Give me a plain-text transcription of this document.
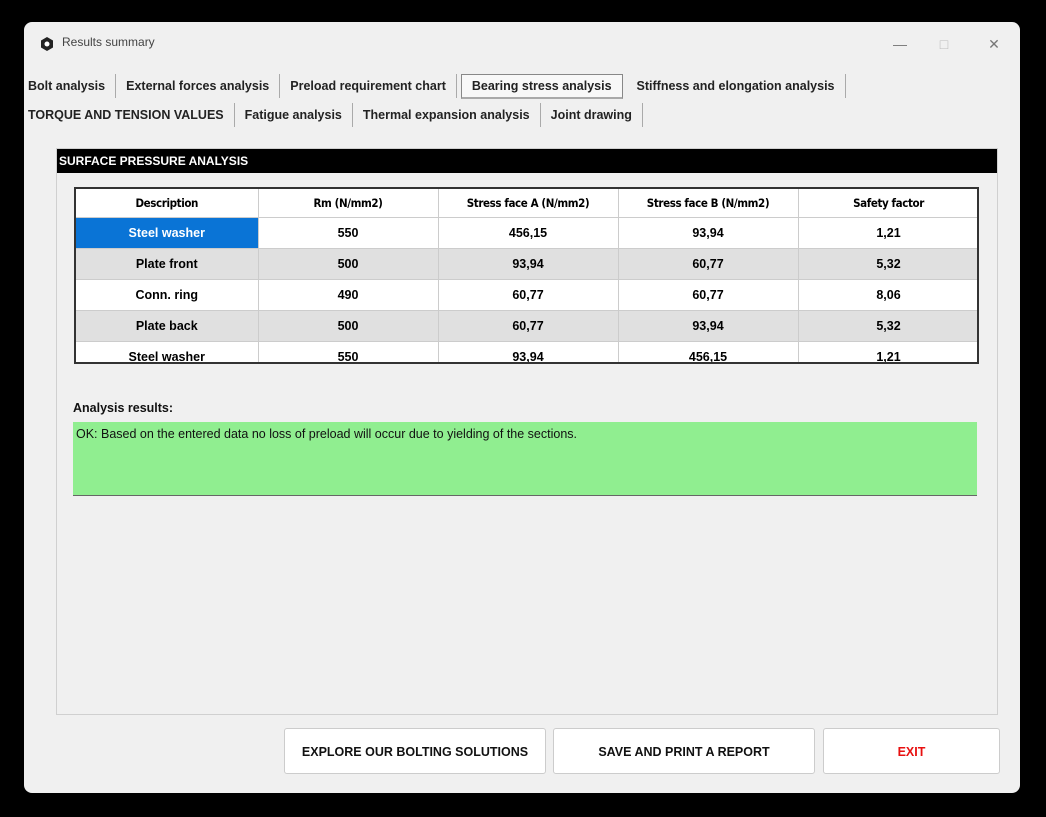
Results summary	—	□	✕
Bolt analysis	External forces analysis	Preload requirement chart	Bearing stress analysis	Stiffness and elongation analysis
TORQUE AND TENSION VALUES	Fatigue analysis	Thermal expansion analysis	Joint drawing
SURFACE PRESSURE ANALYSIS
Description	Rm (N/mm2)	Stress face A (N/mm2)	Stress face B (N/mm2)	Safety factor
Steel washer	550	456,15	93,94	1,21
Plate front	500	93,94	60,77	5,32
Conn. ring	490	60,77	60,77	8,06
Plate back	500	60,77	93,94	5,32
Steel washer	550	93,94	456,15	1,21
Analysis results:
OK: Based on the entered data no loss of preload will occur due to yielding of the sections.
EXPLORE OUR BOLTING SOLUTIONS	SAVE AND PRINT A REPORT	EXIT
